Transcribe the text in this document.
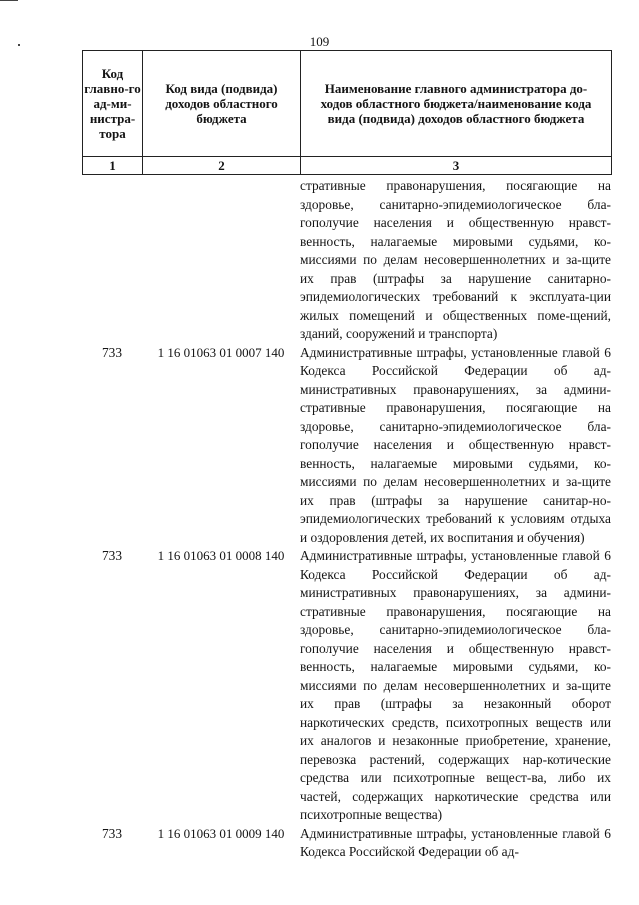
109
Код главно-го ад-ми-нистра-тора	Код вида (подвида) доходов областного бюджета	Наименование главного администратора до-ходов областного бюджета/наименование кода вида (подвида) доходов областного бюджета
1	2	3
стративные правонарушения, посягающие на здоровье, санитарно-эпидемиологическое бла-гополучие населения и общественную нравст-венность, налагаемые мировыми судьями, ко-миссиями по делам несовершеннолетних и за-щите их прав (штрафы за нарушение санитарно-эпидемиологических требований к эксплуата-ции жилых помещений и общественных поме-щений, зданий, сооружений и транспорта)
733	1 16 01063 01 0007 140	Административные штрафы, установленные главой 6 Кодекса Российской Федерации об ад-министративных правонарушениях, за админи-стративные правонарушения, посягающие на здоровье, санитарно-эпидемиологическое бла-гополучие населения и общественную нравст-венность, налагаемые мировыми судьями, ко-миссиями по делам несовершеннолетних и за-щите их прав (штрафы за нарушение санитар-но-эпидемиологических требований к условиям отдыха и оздоровления детей, их воспитания и обучения)
733	1 16 01063 01 0008 140	Административные штрафы, установленные главой 6 Кодекса Российской Федерации об ад-министративных правонарушениях, за админи-стративные правонарушения, посягающие на здоровье, санитарно-эпидемиологическое бла-гополучие населения и общественную нравст-венность, налагаемые мировыми судьями, ко-миссиями по делам несовершеннолетних и за-щите их прав (штрафы за незаконный оборот наркотических средств, психотропных веществ или их аналогов и незаконные приобретение, хранение, перевозка растений, содержащих нар-котические средства или психотропные вещест-ва, либо их частей, содержащих наркотические средства или психотропные вещества)
733	1 16 01063 01 0009 140	Административные штрафы, установленные главой 6 Кодекса Российской Федерации об ад-
